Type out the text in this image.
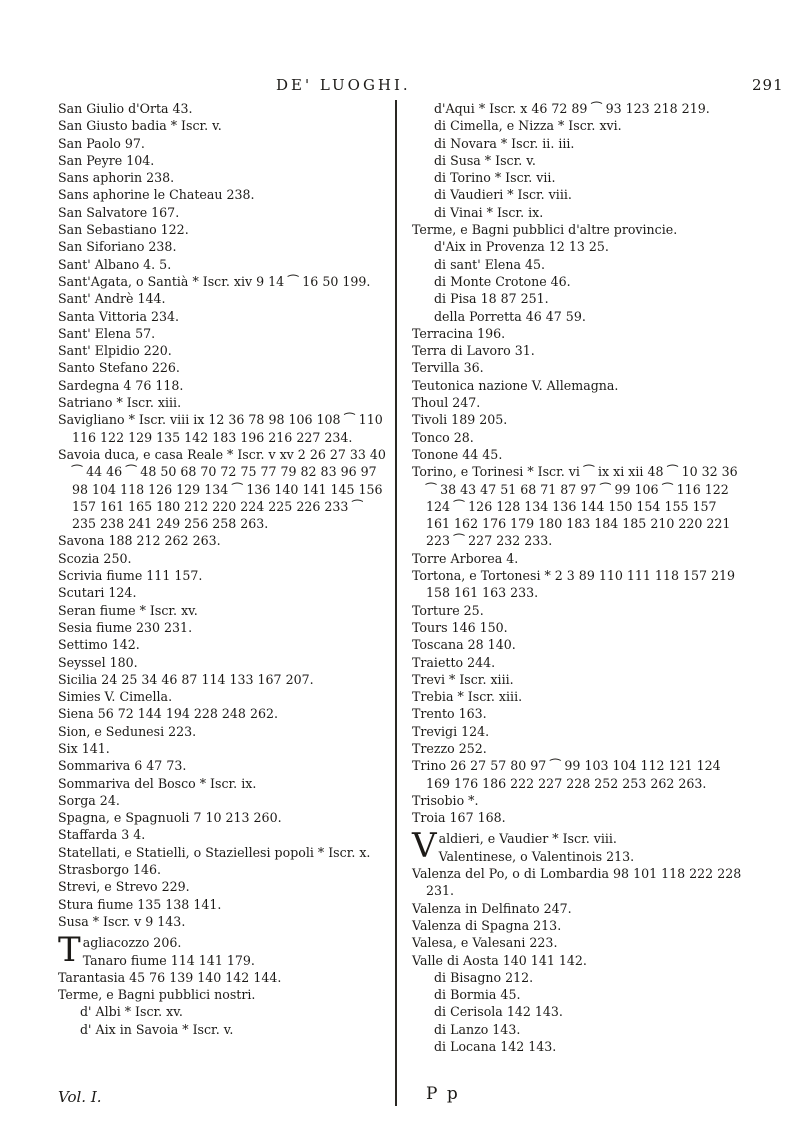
DE' LUOGHI.	291
San Giulio d'Orta 43.
San Giusto badia * Iscr. v.
San Paolo 97.
San Peyre 104.
Sans aphorin 238.
Sans aphorine le Chateau 238.
San Salvatore 167.
San Sebastiano 122.
San Siforiano 238.
Sant' Albano 4. 5.
Sant'Agata, o Santià * Iscr. xiv 9 14 ⁀ 16 50 199.
Sant' Andrè 144.
Santa Vittoria 234.
Sant' Elena 57.
Sant' Elpidio 220.
Santo Stefano 226.
Sardegna 4 76 118.
Satriano * Iscr. xiii.
Savigliano * Iscr. viii ix 12 36 78 98 106 108 ⁀ 110 116 122 129 135 142 183 196 216 227 234.
Savoia duca, e casa Reale * Iscr. v xv 2 26 27 33 40 ⁀ 44 46 ⁀ 48 50 68 70 72 75 77 79 82 83 96 97 98 104 118 126 129 134 ⁀ 136 140 141 145 156 157 161 165 180 212 220 224 225 226 233 ⁀ 235 238 241 249 256 258 263.
Savona 188 212 262 263.
Scozia 250.
Scrivia fiume 111 157.
Scutari 124.
Seran fiume * Iscr. xv.
Sesia fiume 230 231.
Settimo 142.
Seyssel 180.
Sicilia 24 25 34 46 87 114 133 167 207.
Simies V. Cimella.
Siena 56 72 144 194 228 248 262.
Sion, e Sedunesi 223.
Six 141.
Sommariva 6 47 73.
Sommariva del Bosco * Iscr. ix.
Sorga 24.
Spagna, e Spagnuoli 7 10 213 260.
Staffarda 3 4.
Statellati, e Statielli, o Staziellesi popoli * Iscr. x.
Strasborgo 146.
Strevi, e Strevo 229.
Stura fiume 135 138 141.
Susa * Iscr. v 9 143.
Tagliacozzo 206.
Tanaro fiume 114 141 179.
Tarantasia 45 76 139 140 142 144.
Terme, e Bagni pubblici nostri.
d' Albi * Iscr. xv.
d' Aix in Savoia * Iscr. v.
d'Aqui * Iscr. x 46 72 89 ⁀ 93 123 218 219.
di Cimella, e Nizza * Iscr. xvi.
di Novara * Iscr. ii. iii.
di Susa * Iscr. v.
di Torino * Iscr. vii.
di Vaudieri * Iscr. viii.
di Vinai * Iscr. ix.
Terme, e Bagni pubblici d'altre provincie.
d'Aix in Provenza 12 13 25.
di sant' Elena 45.
di Monte Crotone 46.
di Pisa 18 87 251.
della Porretta 46 47 59.
Terracina 196.
Terra di Lavoro 31.
Tervilla 36.
Teutonica nazione V. Allemagna.
Thoul 247.
Tivoli 189 205.
Tonco 28.
Tonone 44 45.
Torino, e Torinesi * Iscr. vi ⁀ ix xi xii 48 ⁀ 10 32 36 ⁀ 38 43 47 51 68 71 87 97 ⁀ 99 106 ⁀ 116 122 124 ⁀ 126 128 134 136 144 150 154 155 157 161 162 176 179 180 183 184 185 210 220 221 223 ⁀ 227 232 233.
Torre Arborea 4.
Tortona, e Tortonesi * 2 3 89 110 111 118 157 219 158 161 163 233.
Torture 25.
Tours 146 150.
Toscana 28 140.
Traietto 244.
Trevi * Iscr. xiii.
Trebia * Iscr. xiii.
Trento 163.
Trevigi 124.
Trezzo 252.
Trino 26 27 57 80 97 ⁀ 99 103 104 112 121 124 169 176 186 222 227 228 252 253 262 263.
Trisobio *.
Troia 167 168.
Valdieri, e Vaudier * Iscr. viii.
Valentinese, o Valentinois 213.
Valenza del Po, o di Lombardia 98 101 118 222 228 231.
Valenza in Delfinato 247.
Valenza di Spagna 213.
Valesa, e Valesani 223.
Valle di Aosta 140 141 142.
di Bisagno 212.
di Bormia 45.
di Cerisola 142 143.
di Lanzo 143.
di Locana 142 143.
Vol. I.	P p
